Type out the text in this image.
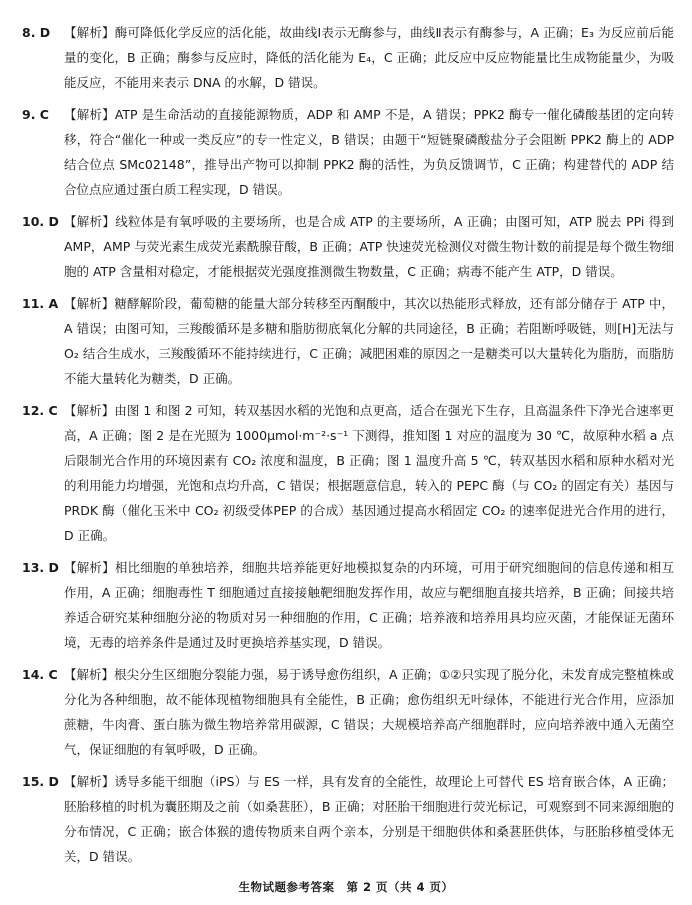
8. D	【解析】酶可降低化学反应的活化能，故曲线Ⅰ表示无酶参与，曲线Ⅱ表示有酶参与，A 正确；E₃ 为反应前后能量的变化，B 正确；酶参与反应时，降低的活化能为 E₄，C 正确；此反应中反应物能量比生成物能量少，为吸能反应，不能用来表示 DNA 的水解，D 错误。
9. C	【解析】ATP 是生命活动的直接能源物质，ADP 和 AMP 不是，A 错误；PPK2 酶专一催化磷酸基团的定向转移，符合“催化一种或一类反应”的专一性定义，B 错误；由题干“短链聚磷酸盐分子会阻断 PPK2 酶上的 ADP 结合位点 SMc02148”，推导出产物可以抑制 PPK2 酶的活性，为负反馈调节，C 正确；构建替代的 ADP 结合位点应通过蛋白质工程实现，D 错误。
10. D 【解析】线粒体是有氧呼吸的主要场所，也是合成 ATP 的主要场所，A 正确；由图可知，ATP 脱去 PPi 得到 AMP，AMP 与荧光素生成荧光素酰腺苷酸，B 正确；ATP 快速荧光检测仪对微生物计数的前提是每个微生物细胞的 ATP 含量相对稳定，才能根据荧光强度推测微生物数量，C 正确；病毒不能产生 ATP，D 错误。
11. A 【解析】糖酵解阶段，葡萄糖的能量大部分转移至丙酮酸中，其次以热能形式释放，还有部分储存于 ATP 中，A 错误；由图可知，三羧酸循环是多糖和脂肪彻底氧化分解的共同途径，B 正确；若阻断呼吸链，则[H]无法与 O₂ 结合生成水，三羧酸循环不能持续进行，C 正确；减肥困难的原因之一是糖类可以大量转化为脂肪，而脂肪不能大量转化为糖类，D 正确。
12. C 【解析】由图 1 和图 2 可知，转双基因水稻的光饱和点更高，适合在强光下生存，且高温条件下净光合速率更高，A 正确；图 2 是在光照为 1000μmol·m⁻²·s⁻¹ 下测得，推知图 1 对应的温度为 30 ℃，故原种水稻 a 点后限制光合作用的环境因素有 CO₂ 浓度和温度，B 正确；图 1 温度升高 5 ℃，转双基因水稻和原种水稻对光的利用能力均增强，光饱和点均升高，C 错误；根据题意信息，转入的 PEPC 酶（与 CO₂ 的固定有关）基因与 PRDK 酶（催化玉米中 CO₂ 初级受体PEP 的合成）基因通过提高水稻固定 CO₂ 的速率促进光合作用的进行，D 正确。
13. D 【解析】相比细胞的单独培养，细胞共培养能更好地模拟复杂的内环境，可用于研究细胞间的信息传递和相互作用，A 正确；细胞毒性 T 细胞通过直接接触靶细胞发挥作用，故应与靶细胞直接共培养，B 正确；间接共培养适合研究某种细胞分泌的物质对另一种细胞的作用，C 正确；培养液和培养用具均应灭菌，才能保证无菌环境，无毒的培养条件是通过及时更换培养基实现，D 错误。
14. C 【解析】根尖分生区细胞分裂能力强，易于诱导愈伤组织，A 正确；①②只实现了脱分化，未发育成完整植株或分化为各种细胞，故不能体现植物细胞具有全能性，B 正确；愈伤组织无叶绿体，不能进行光合作用，应添加蔗糖，牛肉膏、蛋白胨为微生物培养常用碳源，C 错误；大规模培养高产细胞群时，应向培养液中通入无菌空气，保证细胞的有氧呼吸，D 正确。
15. D 【解析】诱导多能干细胞（iPS）与 ES 一样，具有发育的全能性，故理论上可替代 ES 培育嵌合体，A 正确；胚胎移植的时机为囊胚期及之前（如桑葚胚），B 正确；对胚胎干细胞进行荧光标记，可观察到不同来源细胞的分布情况，C 正确；嵌合体猴的遗传物质来自两个亲本，分别是干细胞供体和桑葚胚供体，与胚胎移植受体无关，D 错误。
生物试题参考答案　第 2 页（共 4 页）
